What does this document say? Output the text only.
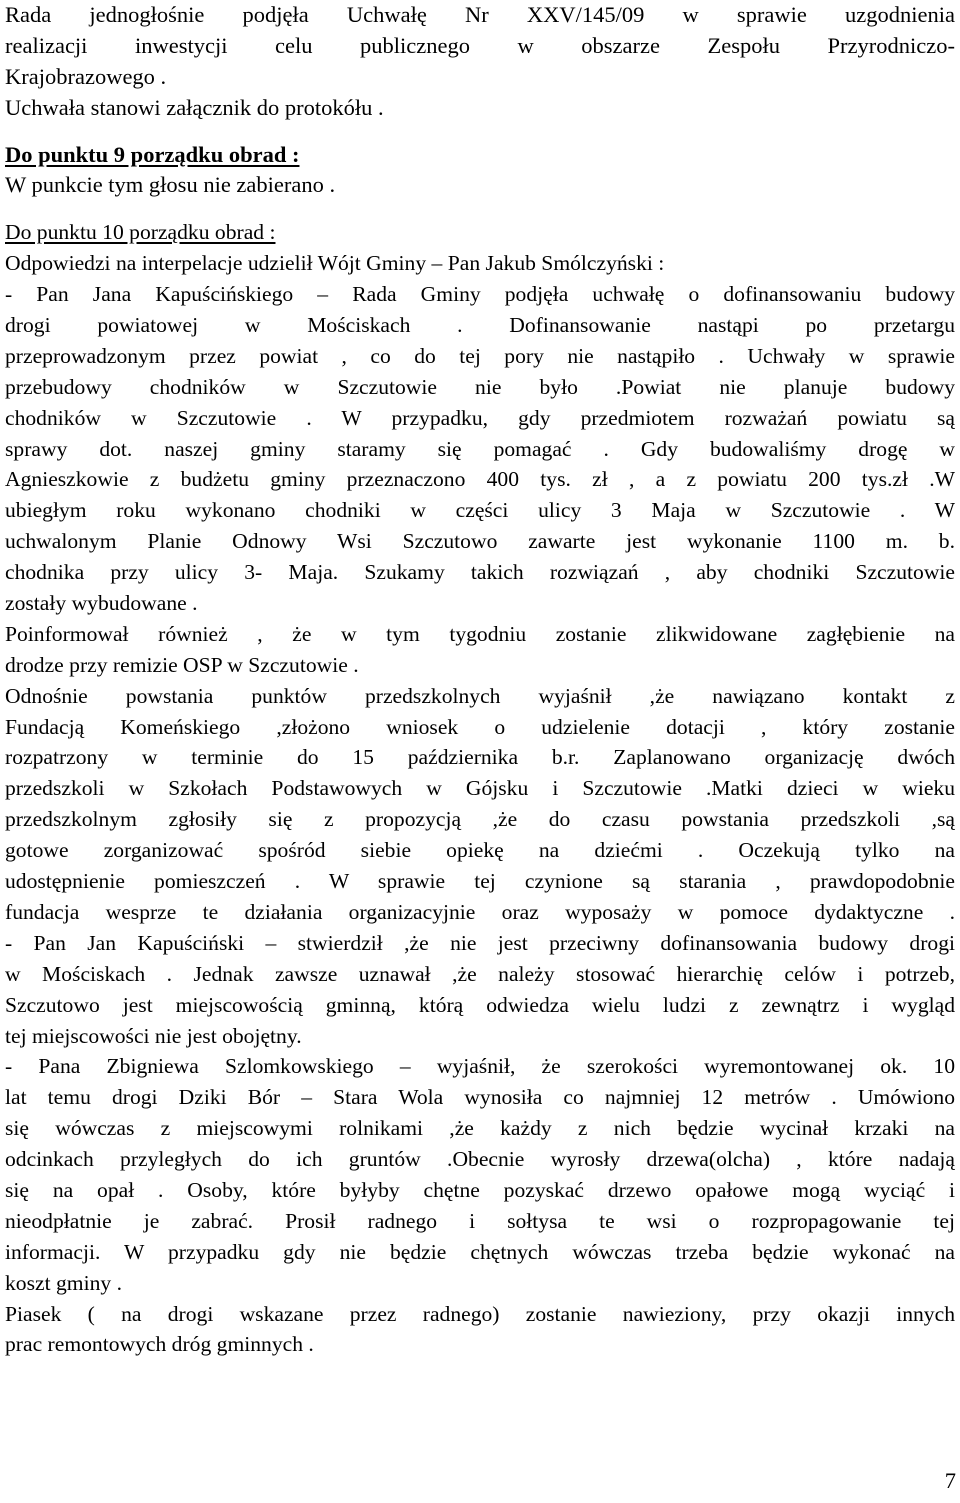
Rada jednogłośnie podjęła Uchwałę Nr XXV/145/09 w sprawie uzgodnienia
realizacji inwestycji celu publicznego w obszarze Zespołu Przyrodniczo-
Krajobrazowego .
Uchwała stanowi załącznik do protokółu .
Do punktu 9 porządku obrad :
W punkcie tym głosu nie zabierano .
Do punktu 10 porządku obrad :
Odpowiedzi na interpelacje udzielił Wójt Gminy – Pan Jakub Smólczyński :
- Pan Jana Kapuścińskiego – Rada Gminy podjęła uchwałę o dofinansowaniu budowy
drogi powiatowej w Mościskach . Dofinansowanie nastąpi po przetargu
przeprowadzonym przez powiat , co do tej pory nie nastąpiło . Uchwały w sprawie
przebudowy chodników w Szczutowie nie było .Powiat nie planuje budowy
chodników w Szczutowie . W przypadku, gdy przedmiotem rozważań powiatu są
sprawy dot. naszej gminy staramy się pomagać . Gdy budowaliśmy drogę w
Agnieszkowie z budżetu gminy przeznaczono 400 tys. zł , a z powiatu 200 tys.zł .W
ubiegłym roku wykonano chodniki w części ulicy 3 Maja w Szczutowie . W
uchwalonym Planie Odnowy Wsi Szczutowo zawarte jest wykonanie 1100 m. b.
chodnika przy ulicy 3- Maja. Szukamy takich rozwiązań , aby chodniki Szczutowie
zostały wybudowane .
Poinformował również , że w tym tygodniu zostanie zlikwidowane zagłębienie na
drodze przy remizie OSP w Szczutowie .
Odnośnie powstania punktów przedszkolnych wyjaśnił ,że nawiązano kontakt z
Fundacją Komeńskiego ,złożono wniosek o udzielenie dotacji , który zostanie
rozpatrzony w terminie do 15 października b.r. Zaplanowano organizację dwóch
przedszkoli w Szkołach Podstawowych w Gójsku i Szczutowie .Matki dzieci w wieku
przedszkolnym zgłosiły się z propozycją ,że do czasu powstania przedszkoli ,są
gotowe zorganizować spośród siebie opiekę na dziećmi . Oczekują tylko na
udostępnienie pomieszczeń . W sprawie tej czynione są starania , prawdopodobnie
fundacja wesprze te działania organizacyjnie oraz wyposaży w pomoce dydaktyczne .
- Pan Jan Kapuściński – stwierdził ,że nie jest przeciwny dofinansowania budowy drogi
w Mościskach . Jednak zawsze uznawał ,że należy stosować hierarchię celów i potrzeb,
Szczutowo jest miejscowością gminną, którą odwiedza wielu ludzi z zewnątrz i wygląd
tej miejscowości nie jest obojętny.
- Pana Zbigniewa Szlomkowskiego – wyjaśnił, że szerokości wyremontowanej ok. 10
lat temu drogi Dziki Bór – Stara Wola wynosiła co najmniej 12 metrów . Umówiono
się wówczas z miejscowymi rolnikami ,że każdy z nich będzie wycinał krzaki na
odcinkach przyległych do ich gruntów .Obecnie wyrosły drzewa(olcha) , które nadają
się na opał . Osoby, które byłyby chętne pozyskać drzewo opałowe mogą wyciąć i
nieodpłatnie je zabrać. Prosił radnego i sołtysa te wsi o rozpropagowanie tej
informacji. W przypadku gdy nie będzie chętnych wówczas trzeba będzie wykonać na
koszt gminy .
Piasek ( na drogi wskazane przez radnego) zostanie nawieziony, przy okazji innych
prac remontowych dróg gminnych .
7
